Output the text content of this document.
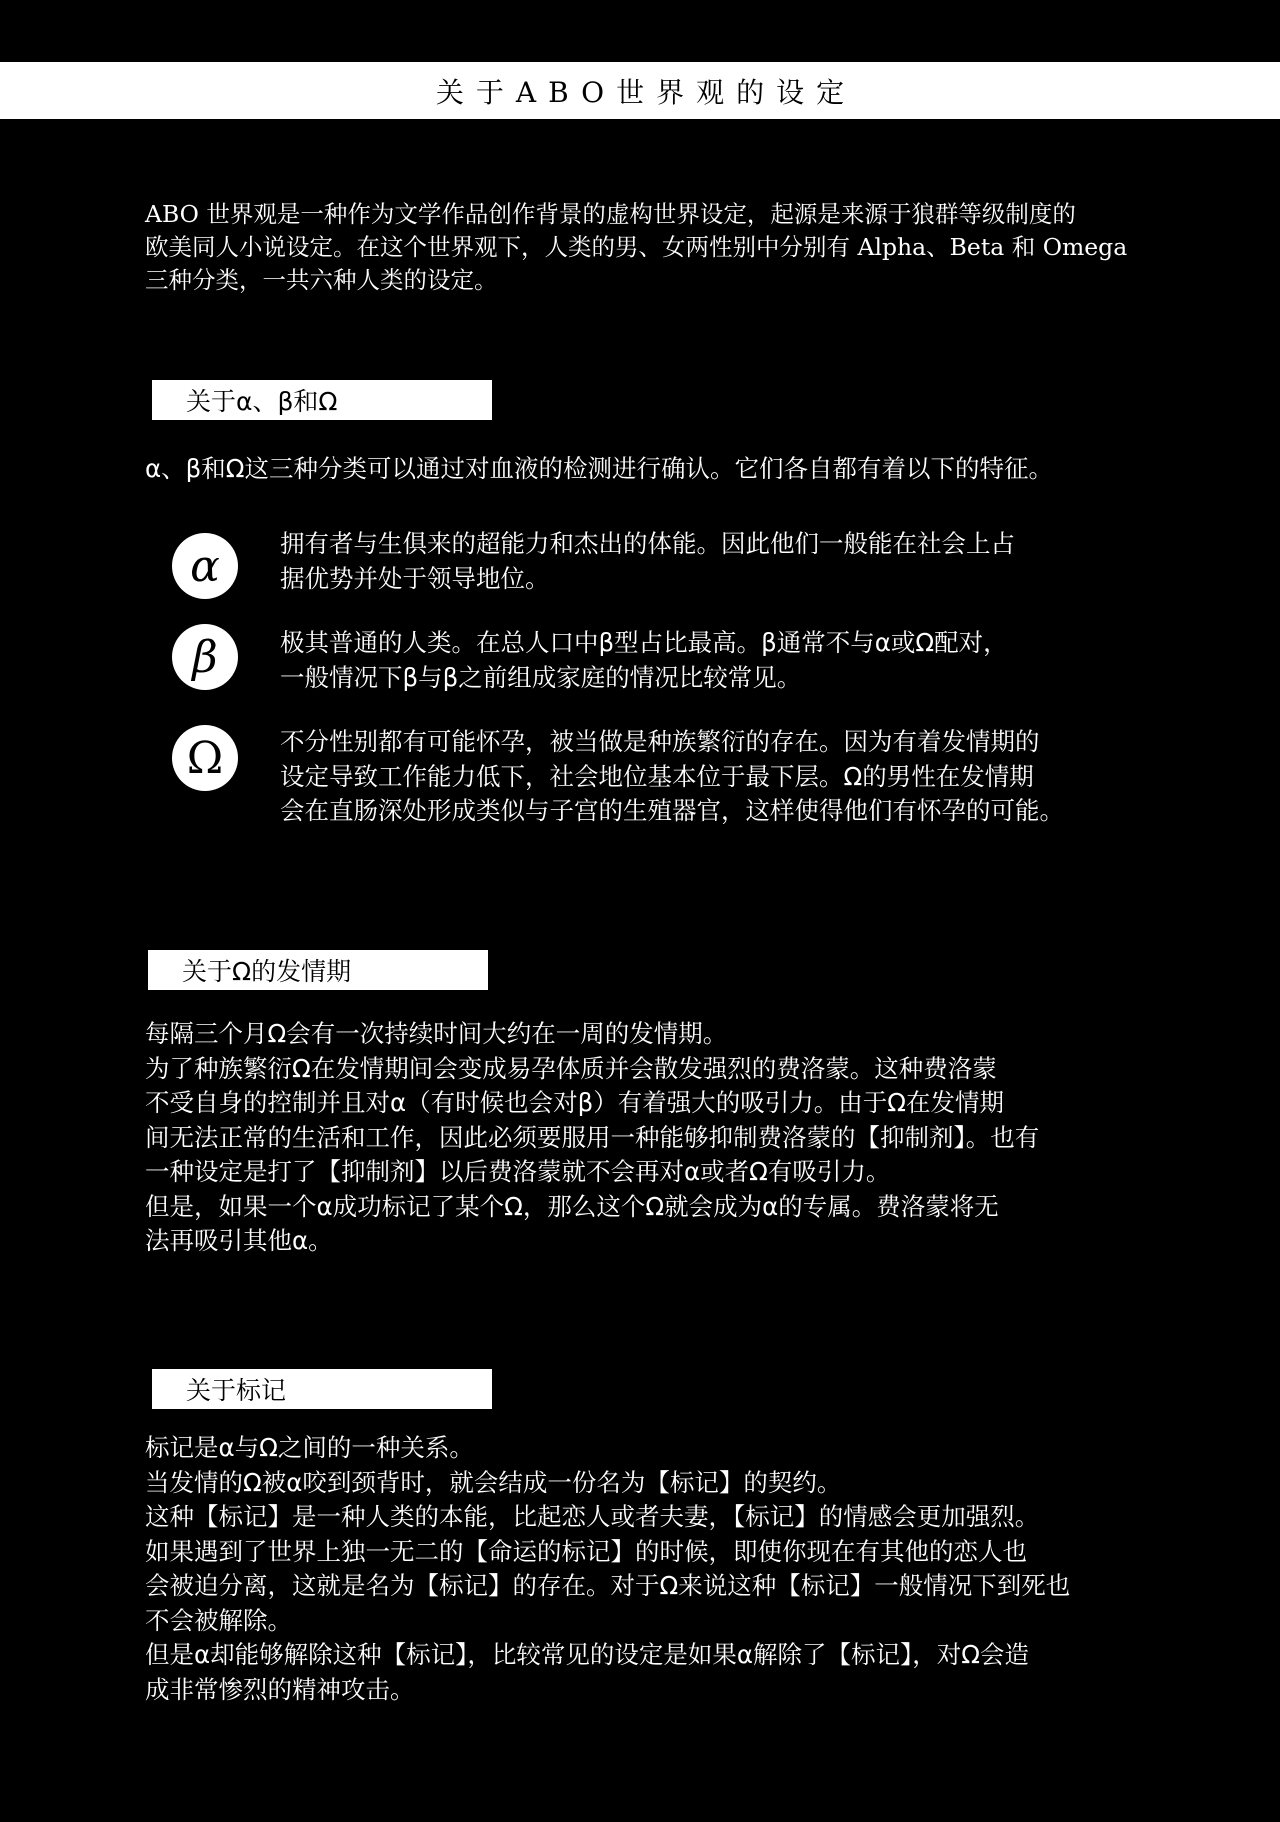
关于ABO世界观的设定

ABO 世界观是一种作为文学作品创作背景的虚构世界设定，起源是来源于狼群等级制度的

欧美同人小说设定。在这个世界观下，人类的男、女两性别中分别有 Alpha、Beta 和 Omega

三种分类，一共六种人类的设定。

关于α、β和Ω

α、β和Ω这三种分类可以通过对血液的检测进行确认。它们各自都有着以下的特征。

α	拥有者与生俱来的超能力和杰出的体能。因此他们一般能在社会上占

据优势并处于领导地位。

β	极其普通的人类。在总人口中β型占比最高。β通常不与α或Ω配对，

一般情况下β与β之前组成家庭的情况比较常见。

Ω	不分性别都有可能怀孕，被当做是种族繁衍的存在。因为有着发情期的

设定导致工作能力低下，社会地位基本位于最下层。Ω的男性在发情期

会在直肠深处形成类似与子宫的生殖器官，这样使得他们有怀孕的可能。

关于Ω的发情期

每隔三个月Ω会有一次持续时间大约在一周的发情期。

为了种族繁衍Ω在发情期间会变成易孕体质并会散发强烈的费洛蒙。这种费洛蒙

不受自身的控制并且对α（有时候也会对β）有着强大的吸引力。由于Ω在发情期

间无法正常的生活和工作，因此必须要服用一种能够抑制费洛蒙的【抑制剂】。也有

一种设定是打了【抑制剂】以后费洛蒙就不会再对α或者Ω有吸引力。

但是，如果一个α成功标记了某个Ω，那么这个Ω就会成为α的专属。费洛蒙将无

法再吸引其他α。

关于标记

标记是α与Ω之间的一种关系。

当发情的Ω被α咬到颈背时，就会结成一份名为【标记】的契约。

这种【标记】是一种人类的本能，比起恋人或者夫妻，【标记】的情感会更加强烈。

如果遇到了世界上独一无二的【命运的标记】的时候，即使你现在有其他的恋人也

会被迫分离，这就是名为【标记】的存在。对于Ω来说这种【标记】一般情况下到死也

不会被解除。

但是α却能够解除这种【标记】，比较常见的设定是如果α解除了【标记】，对Ω会造

成非常惨烈的精神攻击。
